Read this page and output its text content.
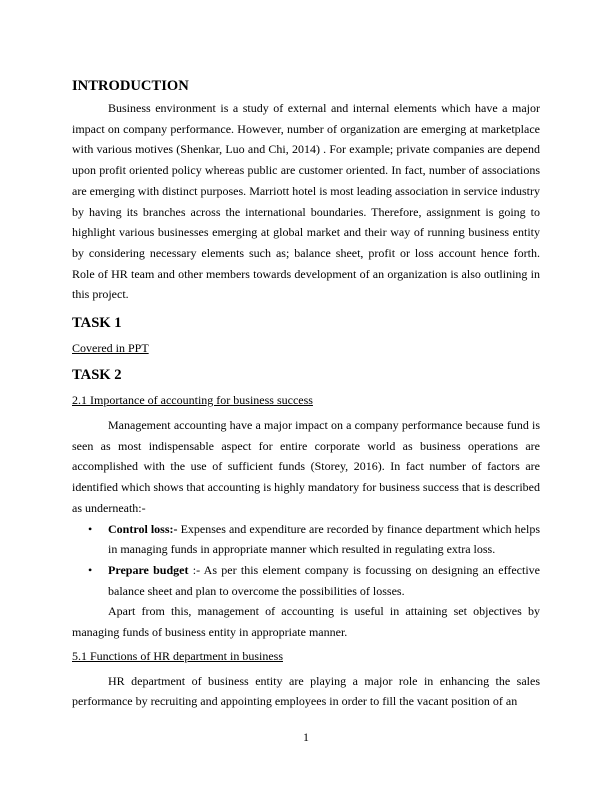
INTRODUCTION

Business environment is a study of external and internal elements which have a major impact on company performance. However, number of organization are emerging at marketplace with various motives (Shenkar, Luo and Chi, 2014) . For example; private companies are depend upon profit oriented policy whereas public are customer oriented. In fact, number of associations are emerging with distinct purposes. Marriott hotel is most leading association in service industry by having its branches across the international boundaries. Therefore, assignment is going to highlight various businesses emerging at global market and their way of running business entity by considering necessary elements such as; balance sheet, profit or loss account hence forth. Role of HR team and other members towards development of an organization is also outlining in this project.

TASK 1
Covered in PPT
TASK 2
2.1 Importance of accounting for business success

Management accounting have a major impact on a company performance because fund is seen as most indispensable aspect for entire corporate world as business operations are accomplished with the use of sufficient funds (Storey, 2016). In fact number of factors are identified which shows that accounting is highly mandatory for business success that is described as underneath:-

• Control loss:- Expenses and expenditure are recorded by finance department which helps in managing funds in appropriate manner which resulted in regulating extra loss.
• Prepare budget :- As per this element company is focussing on designing an effective balance sheet and plan to overcome the possibilities of losses.

Apart from this, management of accounting is useful in attaining set objectives by managing funds of business entity in appropriate manner.

5.1 Functions of HR department in business

HR department of business entity are playing a major role in enhancing the sales performance by recruiting and appointing employees in order to fill the vacant position of an

1
